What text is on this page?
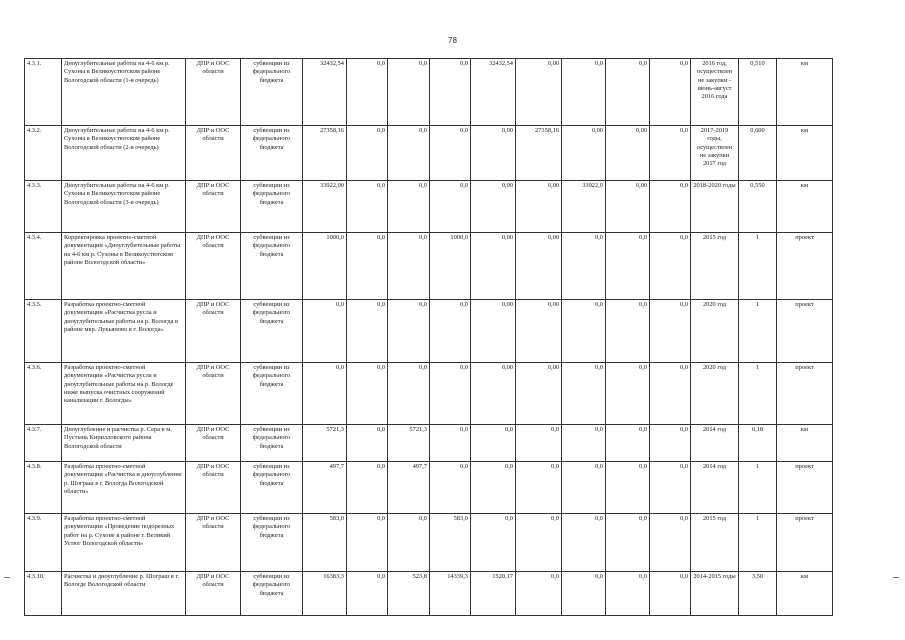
78
4.3.1.	Дноуглубительные работы на 4-6 км р. Сухоны в Великоустюгском районе Вологодской области (1-я очередь)	ДПР и ООС области	субвенции из федерального бюджета	32432,54	0,0	0,0	0,0	32432,54	0,00	0,0	0,0	0,0	2016 год, осуществлен не закупки - июнь-август 2016 года	0,510	км
4.3.2.	Дноуглубительные работы на 4-6 км р. Сухоны в Великоустюгском районе Вологодской области (2-я очередь)	ДПР и ООС области	субвенции из федерального бюджета	27358,16	0,0	0,0	0,0	0,00	27358,16	0,00	0,00	0,0	2017-2019 годы, осуществлен не закупки 2017 год	0,600	км
4.3.3.	Дноуглубительные работы на 4-6 км р. Сухоны в Великоустюгском районе Вологодской области (3-я очередь)	ДПР и ООС области	субвенции из федерального бюджета	33922,00	0,0	0,0	0,0	0,00	0,00	33922,0	0,00	0,0	2018-2020 годы	0,550	км
4.3.4.	Корректировка проектно-сметной документации «Дноуглубительные работы на 4-6 км р. Сухоны в Великоустюгском районе Вологодской области»	ДПР и ООС области	субвенции из федерального бюджета	1000,0	0,0	0,0	1000,0	0,00	0,00	0,0	0,0	0,0	2015 год	1	проект
4.3.5.	Разработка проектно-сметной документации «Расчистка русла и дноуглубительные работы на р. Вологда в районе мкр. Лукьяново в г. Вологда»	ДПР и ООС области	субвенции из федерального бюджета	0,0	0,0	0,0	0,0	0,00	0,00	0,0	0,0	0,0	2020 год	1	проект
4.3.6.	Разработка проектно-сметной документации «Расчистка русла и дноуглубительные работы на р. Вологде ниже выпуска очистных сооружений канализации г. Вологды»	ДПР и ООС области	субвенции из федерального бюджета	0,0	0,0	0,0	0,0	0,00	0,00	0,0	0,0	0,0	2020 год	1	проект
4.3.7.	Дноуглубление и расчистка р. Сера в м. Пустынь Кирилловского района Вологодской области	ДПР и ООС области	субвенции из федерального бюджета	5721,3	0,0	5721,3	0,0	0,0	0,0	0,0	0,0	0,0	2014 год	0,18	км
4.3.8.	Разработка проектно-сметной документации «Расчистка и дноуглубление р. Шограш в г. Вологда Вологодской области»	ДПР и ООС области	субвенции из федерального бюджета	497,7	0,0	497,7	0,0	0,0	0,0	0,0	0,0	0,0	2014 год	1	проект
4.3.9.	Разработка проектно-сметной документации «Проведение подорезных работ на р. Сухоне в районе г. Великий Устюг Вологодской области»	ДПР и ООС области	субвенции из федерального бюджета	583,0	0,0	0,0	583,0	0,0	0,0	0,0	0,0	0,0	2015 год	1	проект
4.3.10.	Расчистка и дноуглубление р. Шограш в г. Вологде Вологодской области	ДПР и ООС области	субвенции из федерального бюджета	16383,3	0,0	523,8	14339,3	1520,17	0,0	0,0	0,0	0,0	2014-2015 годы	3,50	км
